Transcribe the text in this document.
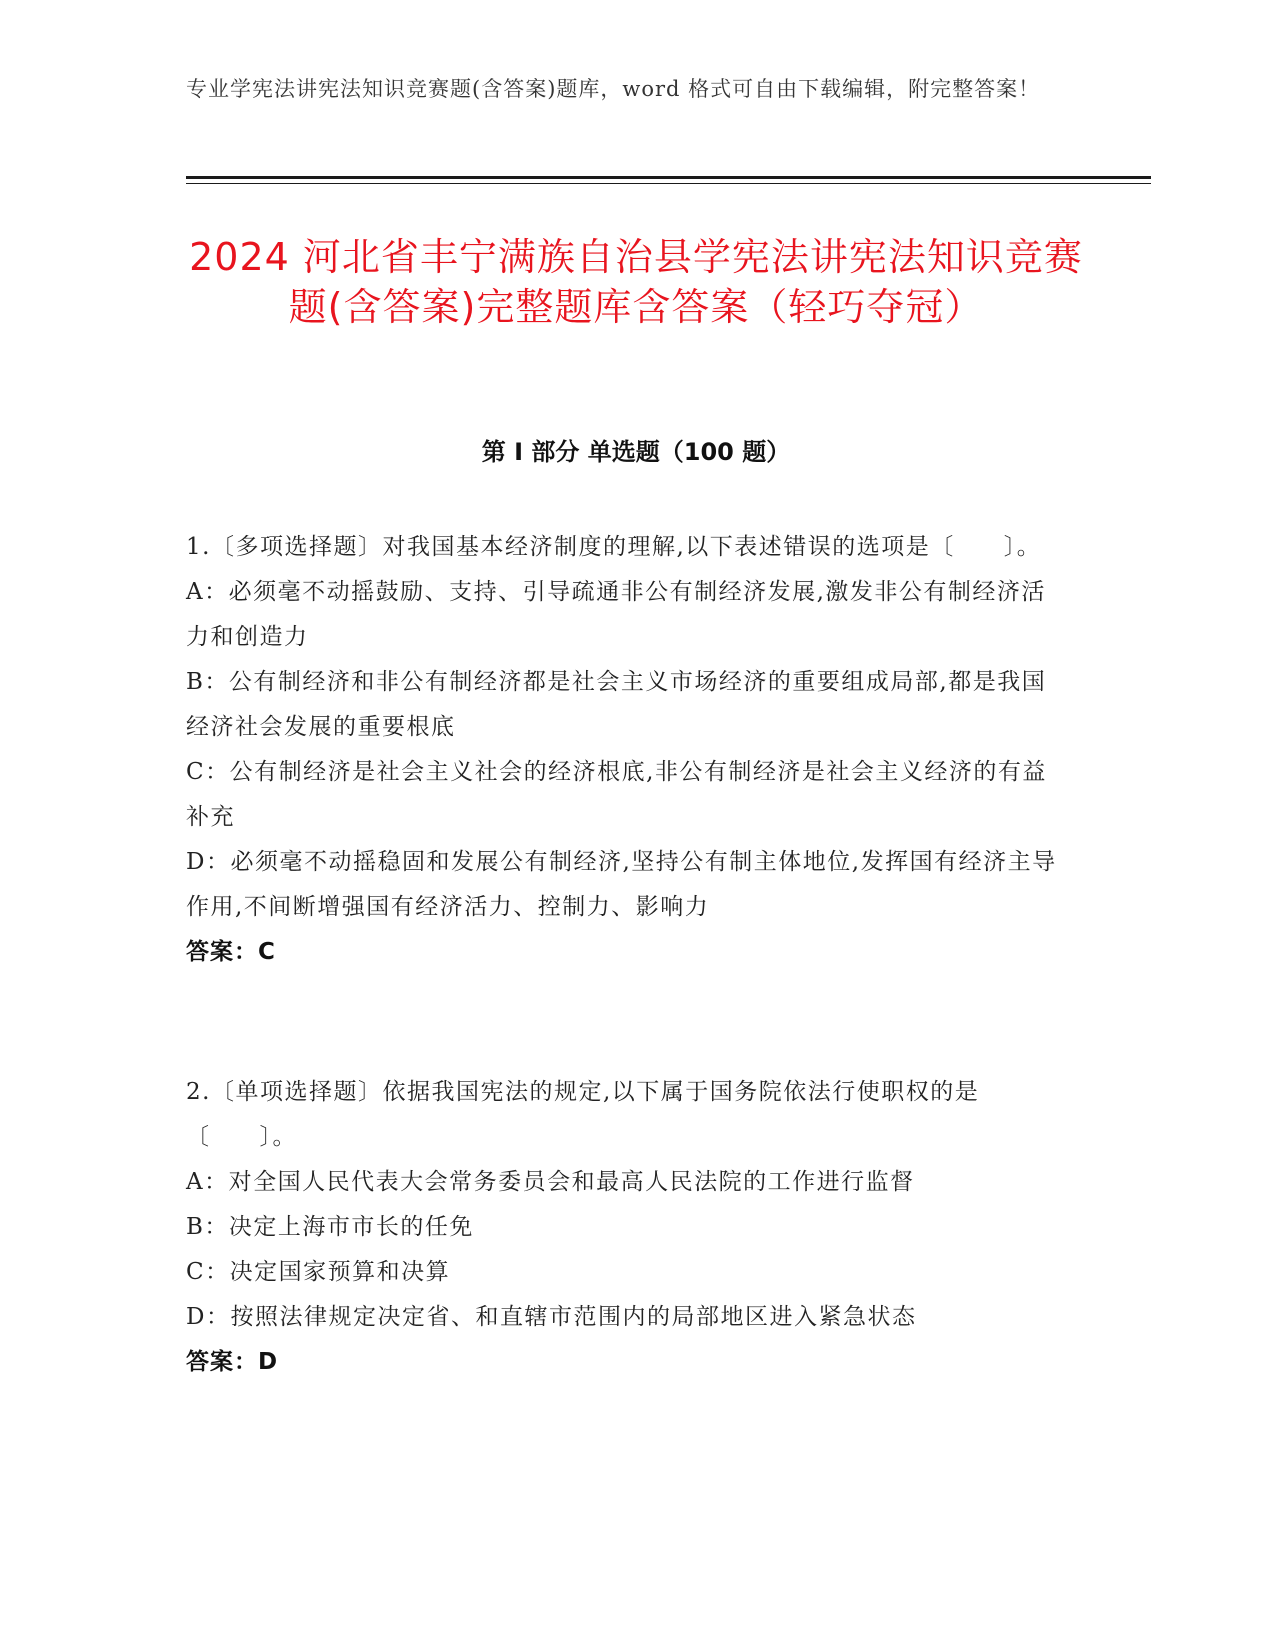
专业学宪法讲宪法知识竞赛题(含答案)题库，word 格式可自由下载编辑，附完整答案！
2024 河北省丰宁满族自治县学宪法讲宪法知识竞赛题(含答案)完整题库含答案（轻巧夺冠）
第 I 部分 单选题（100 题）

1.〔多项选择题〕对我国基本经济制度的理解,以下表述错误的选项是〔　　〕。

A：必须毫不动摇鼓励、支持、引导疏通非公有制经济发展,激发非公有制经济活力和创造力

B：公有制经济和非公有制经济都是社会主义市场经济的重要组成局部,都是我国经济社会发展的重要根底

C：公有制经济是社会主义社会的经济根底,非公有制经济是社会主义经济的有益补充

D：必须毫不动摇稳固和发展公有制经济,坚持公有制主体地位,发挥国有经济主导作用,不间断增强国有经济活力、控制力、影响力

答案：C

2.〔单项选择题〕依据我国宪法的规定,以下属于国务院依法行使职权的是〔　　〕。

A：对全国人民代表大会常务委员会和最高人民法院的工作进行监督

B：决定上海市市长的任免

C：决定国家预算和决算

D：按照法律规定决定省、和直辖市范围内的局部地区进入紧急状态

答案：D
